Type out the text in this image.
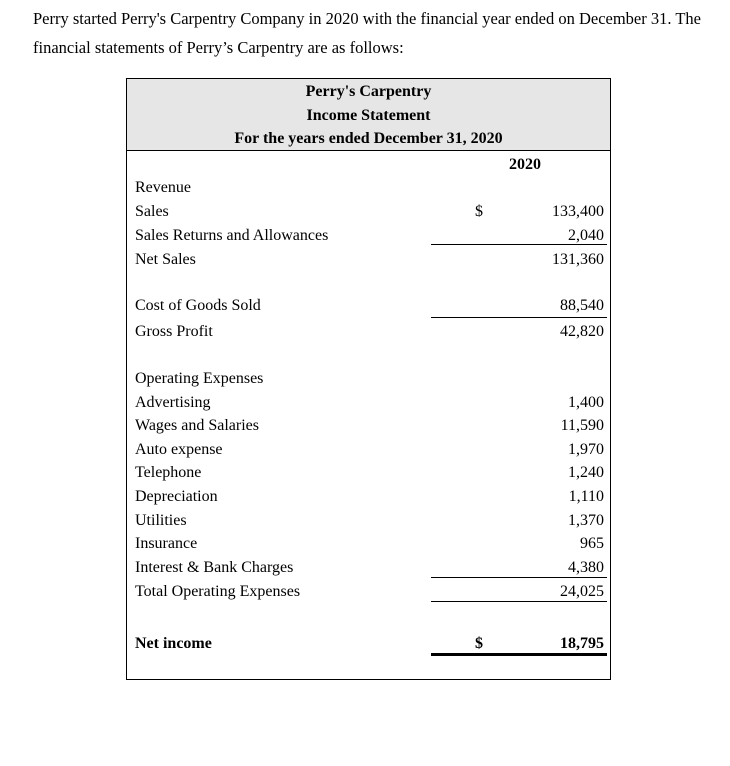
Perry started Perry's Carpentry Company in 2020 with the financial year ended on December 31. The financial statements of Perry’s Carpentry are as follows:

Perry's Carpentry
Income Statement
For the years ended December 31, 2020
2020
Revenue
Sales	$	133,400
Sales Returns and Allowances	2,040
Net Sales	131,360
Cost of Goods Sold	88,540
Gross Profit	42,820
Operating Expenses
Advertising	1,400
Wages and Salaries	11,590
Auto expense	1,970
Telephone	1,240
Depreciation	1,110
Utilities	1,370
Insurance	965
Interest & Bank Charges	4,380
Total Operating Expenses	24,025
Net income	$	18,795
